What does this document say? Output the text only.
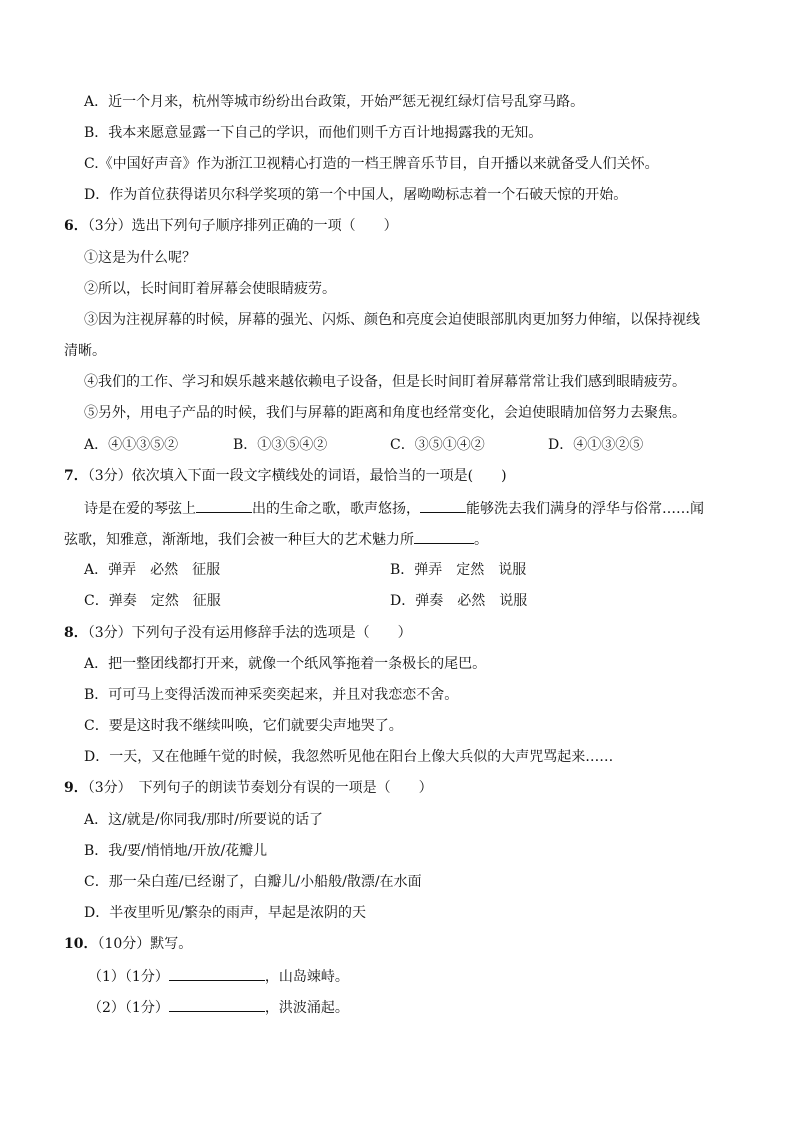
A．近一个月来，杭州等城市纷纷出台政策，开始严惩无视红绿灯信号乱穿马路。
B．我本来愿意显露一下自己的学识，而他们则千方百计地揭露我的无知。
C.《中国好声音》作为浙江卫视精心打造的一档王牌音乐节目，自开播以来就备受人们关怀。
D．作为首位获得诺贝尔科学奖项的第一个中国人，屠呦呦标志着一个石破天惊的开始。
6．（3分）选出下列句子顺序排列正确的一项（　　）
①这是为什么呢？
②所以，长时间盯着屏幕会使眼睛疲劳。
③因为注视屏幕的时候，屏幕的强光、闪烁、颜色和亮度会迫使眼部肌肉更加努力伸缩，以保持视线
清晰。
④我们的工作、学习和娱乐越来越依赖电子设备，但是长时间盯着屏幕常常让我们感到眼睛疲劳。
⑤另外，用电子产品的时候，我们与屏幕的距离和角度也经常变化，会迫使眼睛加倍努力去聚焦。
A．④①③⑤②	B．①③⑤④②	C．③⑤①④②	D．④①③②⑤
7．（3分）依次填入下面一段文字横线处的词语，最恰当的一项是(　　)
诗是在爱的琴弦上	出的生命之歌，歌声悠扬，	能够洗去我们满身的浮华与俗常……闻
弦歌，知雅意，渐渐地，我们会被一种巨大的艺术魅力所	。
A．弹弄　必然　征服	B．弹弄　定然　说服
C．弹奏　定然　征服	D．弹奏　必然　说服
8．（3分）下列句子没有运用修辞手法的选项是（　　）
A．把一整团线都打开来，就像一个纸风筝拖着一条极长的尾巴。
B．可可马上变得活泼而神采奕奕起来，并且对我恋恋不舍。
C．要是这时我不继续叫唤，它们就要尖声地哭了。
D．一天，又在他睡午觉的时候，我忽然听见他在阳台上像大兵似的大声咒骂起来……
9．（3分）　下列句子的朗读节奏划分有误的一项是（　　）
A．这/就是/你同我/那时/所要说的话了
B．我/要/悄悄地/开放/花瓣儿
C．那一朵白莲/已经谢了，白瓣儿/小船般/散漂/在水面
D．半夜里听见/繁杂的雨声，早起是浓阴的天
10．（10分）默写。
（1）（1分）	，山岛竦峙。
（2）（1分）	，洪波涌起。
